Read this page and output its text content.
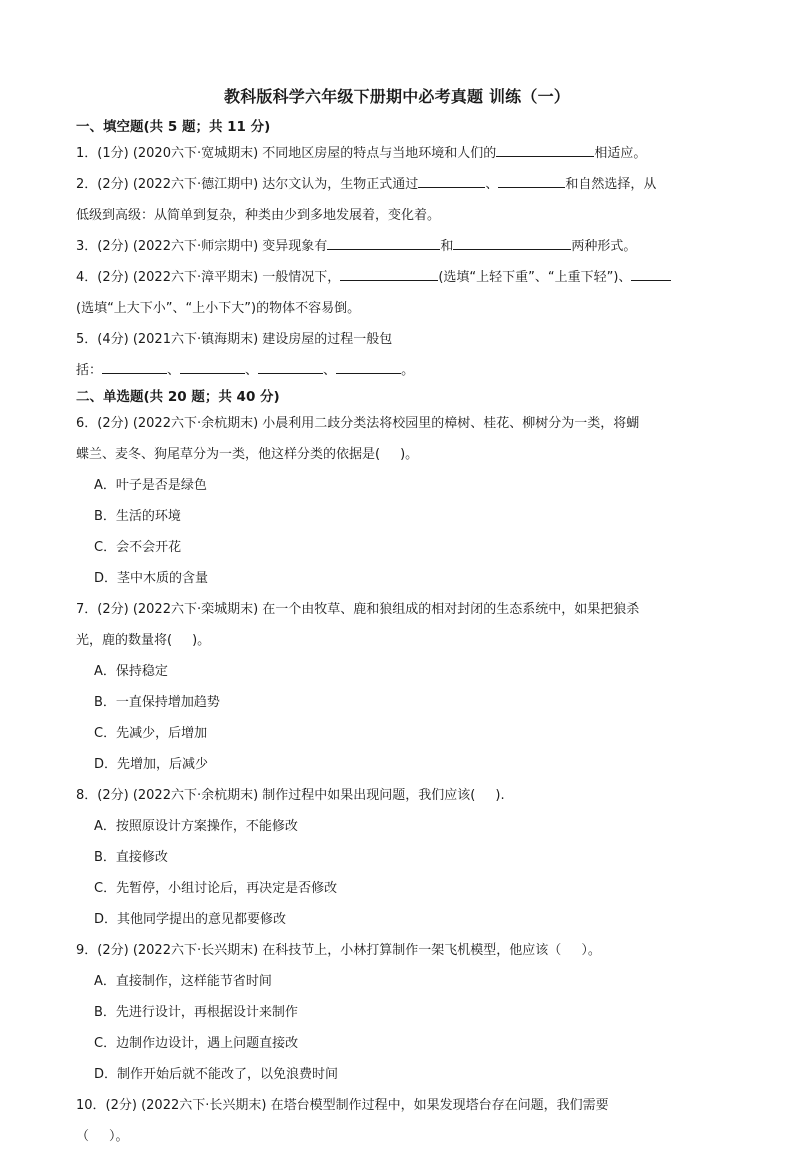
教科版科学六年级下册期中必考真题 训练（一）
一、填空题(共 5 题；共 11 分)
1．(1分) (2020六下·宽城期末) 不同地区房屋的特点与当地环境和人们的	相适应。
2．(2分) (2022六下·德江期中) 达尔文认为，生物正式通过	、	和自然选择，从
低级到高级：从简单到复杂，种类由少到多地发展着，变化着。
3．(2分) (2022六下·师宗期中) 变异现象有	和	两种形式。
4．(2分) (2022六下·漳平期末) 一般情况下，	(选填“上轻下重”、“上重下轻”)、
(选填“上大下小”、“上小下大”)的物体不容易倒。
5．(4分) (2021六下·镇海期末) 建设房屋的过程一般包
括：	、	、	、	。
二、单选题(共 20 题；共 40 分)
6．(2分) (2022六下·余杭期末) 小晨利用二歧分类法将校园里的樟树、桂花、柳树分为一类，将蝴
蝶兰、麦冬、狗尾草分为一类，他这样分类的依据是( )。
A．叶子是否是绿色
B．生活的环境
C．会不会开花
D．茎中木质的含量
7．(2分) (2022六下·栾城期末) 在一个由牧草、鹿和狼组成的相对封闭的生态系统中，如果把狼杀
光，鹿的数量将( )。
A．保持稳定
B．一直保持增加趋势
C．先减少，后增加
D．先增加，后减少
8．(2分) (2022六下·余杭期末) 制作过程中如果出现问题，我们应该( ).
A．按照原设计方案操作，不能修改
B．直接修改
C．先暂停，小组讨论后，再决定是否修改
D．其他同学提出的意见都要修改
9．(2分) (2022六下·长兴期末) 在科技节上，小林打算制作一架飞机模型，他应该（ ）。
A．直接制作，这样能节省时间
B．先进行设计，再根据设计来制作
C．边制作边设计，遇上问题直接改
D．制作开始后就不能改了，以免浪费时间
10．(2分) (2022六下·长兴期末) 在塔台模型制作过程中，如果发现塔台存在问题，我们需要
（ ）。
